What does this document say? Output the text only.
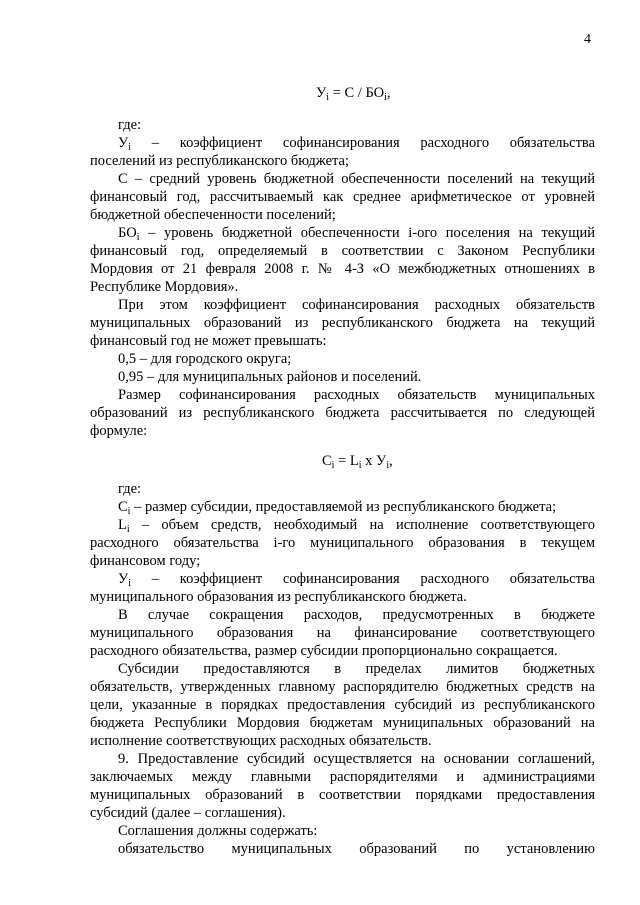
4
$У_i = С / БО_i$,
где:
$У_i$ – коэффициент софинансирования расходного обязательства
поселений из республиканского бюджета;
С – средний уровень бюджетной обеспеченности поселений на текущий
финансовый год, рассчитываемый как среднее арифметическое от уровней
бюджетной обеспеченности поселений;
$БО_i$ – уровень бюджетной обеспеченности i-ого поселения на текущий
финансовый год, определяемый в соответствии с Законом Республики
Мордовия от 21 февраля 2008 г. № 4-З «О межбюджетных отношениях в
Республике Мордовия».
При этом коэффициент софинансирования расходных обязательств
муниципальных образований из республиканского бюджета на текущий
финансовый год не может превышать:
0,5 – для городского округа;
0,95 – для муниципальных районов и поселений.
Размер софинансирования расходных обязательств муниципальных
образований из республиканского бюджета рассчитывается по следующей
формуле:
$С_i = L_i$ х $У_i$,
где:
$С_i$ – размер субсидии, предоставляемой из республиканского бюджета;
$L_i$ – объем средств, необходимый на исполнение соответствующего
расходного обязательства i-го муниципального образования в текущем
финансовом году;
$У_i$ – коэффициент софинансирования расходного обязательства
муниципального образования из республиканского бюджета.
В случае сокращения расходов, предусмотренных в бюджете
муниципального образования на финансирование соответствующего
расходного обязательства, размер субсидии пропорционально сокращается.
Субсидии предоставляются в пределах лимитов бюджетных
обязательств, утвержденных главному распорядителю бюджетных средств на
цели, указанные в порядках предоставления субсидий из республиканского
бюджета Республики Мордовия бюджетам муниципальных образований на
исполнение соответствующих расходных обязательств.
9. Предоставление субсидий осуществляется на основании соглашений,
заключаемых между главными распорядителями и администрациями
муниципальных образований в соответствии порядками предоставления
субсидий (далее – соглашения).
Соглашения должны содержать:
обязательство муниципальных образований по установлению
